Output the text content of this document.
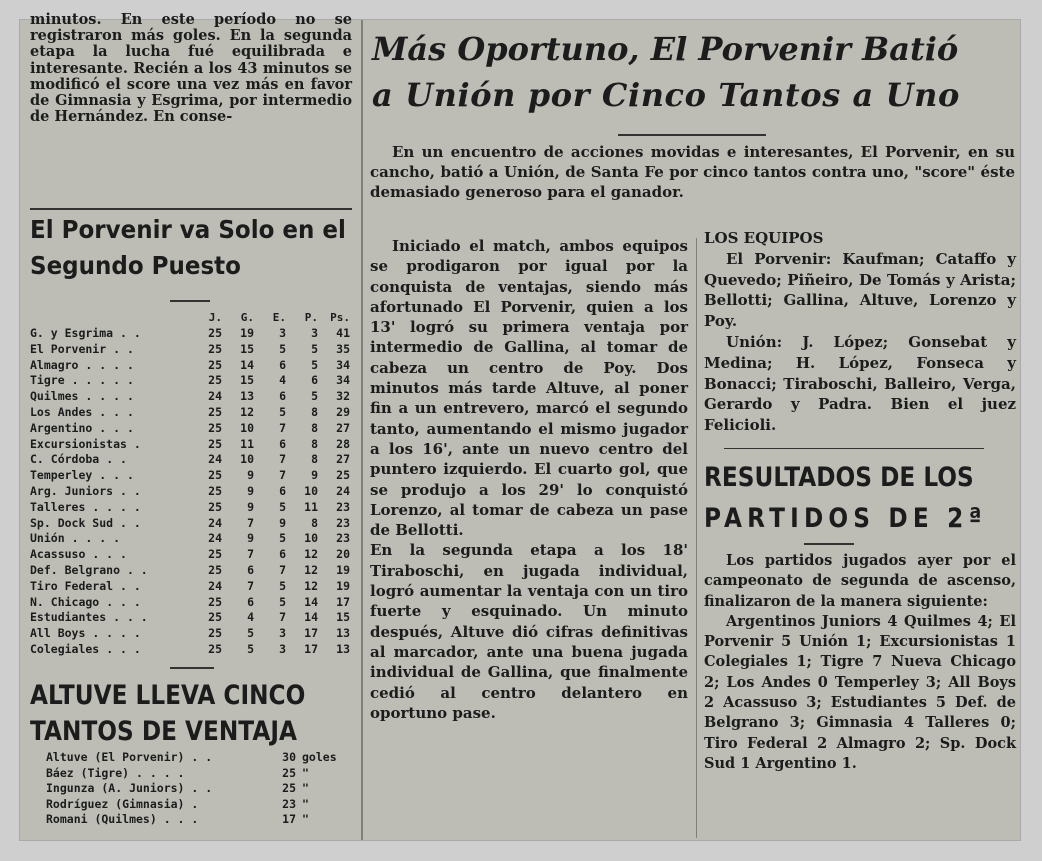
minutos. En este período no se registraron más goles. En la segunda etapa la lucha fué equilibrada e interesante. Recién a los 43 minutos se modificó el score una vez más en favor de Gimnasia y Esgrima, por intermedio de Hernández. En conse-

El Porvenir va Solo en el Segundo Puesto
J.	G.	E.	P.	Ps.
G. y Esgrima . .	25	19	3	3	41
El Porvenir . .	25	15	5	5	35
Almagro . . . .	25	14	6	5	34
Tigre . . . . .	25	15	4	6	34
Quilmes . . . .	24	13	6	5	32
Los Andes . . .	25	12	5	8	29
Argentino . . .	25	10	7	8	27
Excursionistas .	25	11	6	8	28
C. Córdoba . .	24	10	7	8	27
Temperley . . .	25	9	7	9	25
Arg. Juniors . .	25	9	6	10	24
Talleres . . . .	25	9	5	11	23
Sp. Dock Sud . .	24	7	9	8	23
Unión . . . .	24	9	5	10	23
Acassuso . . .	25	7	6	12	20
Def. Belgrano . .	25	6	7	12	19
Tiro Federal . .	24	7	5	12	19
N. Chicago . . .	25	6	5	14	17
Estudiantes . . .	25	4	7	14	15
All Boys . . . .	25	5	3	17	13
Colegiales . . .	25	5	3	17	13
ALTUVE LLEVA CINCO TANTOS DE VENTAJA
Altuve (El Porvenir) . .	30 goles
Báez (Tigre) . . . .	25 "
Ingunza (A. Juniors) . .	25 "
Rodríguez (Gimnasia) .	23 "
Romani (Quilmes) . . .	17 "
Más Oportuno, El Porvenir Batió
a Unión por Cinco Tantos a Uno

En un encuentro de acciones movidas e interesantes, El Porvenir, en su cancho, batió a Unión, de Santa Fe por cinco tantos contra uno, "score" éste demasiado generoso para el ganador.

Iniciado el match, ambos equipos se prodigaron por igual por la conquista de ventajas, siendo más afortunado El Porvenir, quien a los 13' logró su primera ventaja por intermedio de Gallina, al tomar de cabeza un centro de Poy. Dos minutos más tarde Altuve, al poner fin a un entrevero, marcó el segundo tanto, aumentando el mismo jugador a los 16', ante un nuevo centro del puntero izquierdo. El cuarto gol, que se produjo a los 29' lo conquistó Lorenzo, al tomar de cabeza un pase de Bellotti.

En la segunda etapa a los 18' Tiraboschi, en jugada individual, logró aumentar la ventaja con un tiro fuerte y esquinado. Un minuto después, Altuve dió cifras definitivas al marcador, ante una buena jugada individual de Gallina, que finalmente cedió al centro delantero en oportuno pase.

LOS EQUIPOS

El Porvenir: Kaufman; Cataffo y Quevedo; Piñeiro, De Tomás y Arista; Bellotti; Gallina, Altuve, Lorenzo y Poy.

Unión: J. López; Gonsebat y Medina; H. López, Fonseca y Bonacci; Tiraboschi, Balleiro, Verga, Gerardo y Padra. Bien el juez Felicioli.

RESULTADOS DE LOS
PARTIDOS DE 2ª

Los partidos jugados ayer por el campeonato de segunda de ascenso, finalizaron de la manera siguiente:

Argentinos Juniors 4 Quilmes 4; El Porvenir 5 Unión 1; Excursionistas 1 Colegiales 1; Tigre 7 Nueva Chicago 2; Los Andes 0 Temperley 3; All Boys 2 Acassuso 3; Estudiantes 5 Def. de Belgrano 3; Gimnasia 4 Talleres 0; Tiro Federal 2 Almagro 2; Sp. Dock Sud 1 Argentino 1.
